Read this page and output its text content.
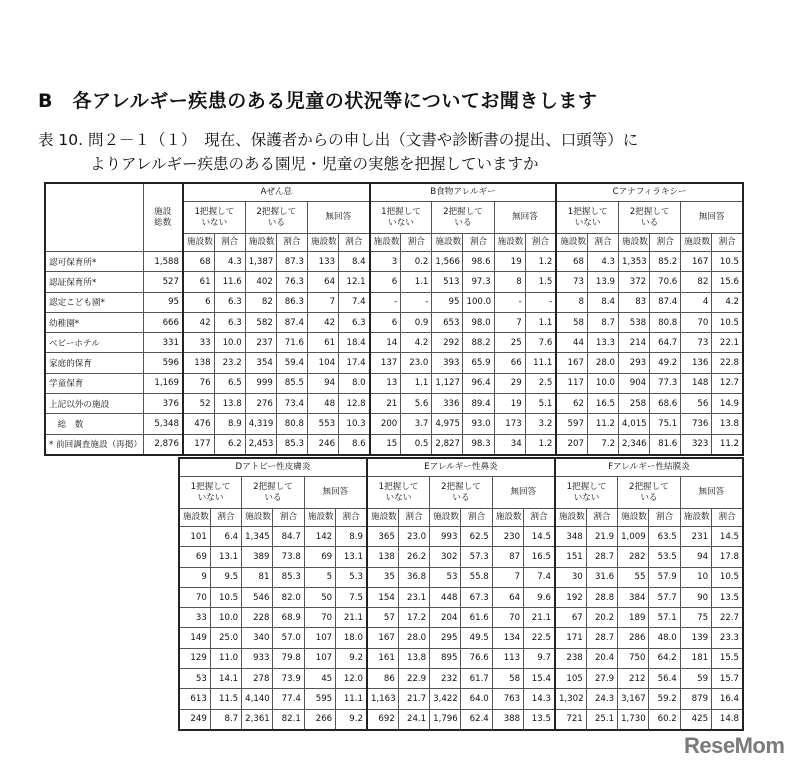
B　各アレルギー疾患のある児童の状況等についてお聞きします
表 10. 問２－１（１）　現在、保護者からの申し出（文書や診断書の提出、口頭等）に
よりアレルギー疾患のある園児・児童の実態を把握していますか
	施設
総数	Aぜん息						B食物アレルギー						Cアナフィラキシー					
		1把握して
いない		2把握して
いる		無回答		1把握して
いない		2把握して
いる		無回答		1把握して
いない		2把握して
いる		無回答	
		施設数	割合	施設数	割合	施設数	割合	施設数	割合	施設数	割合	施設数	割合	施設数	割合	施設数	割合	施設数	割合
認可保育所*	1,588	68	4.3	1,387	87.3	133	8.4	3	0.2	1,566	98.6	19	1.2	68	4.3	1,353	85.2	167	10.5
認証保育所*	527	61	11.6	402	76.3	64	12.1	6	1.1	513	97.3	8	1.5	73	13.9	372	70.6	82	15.6
認定こども園*	95	6	6.3	82	86.3	7	7.4	-	-	95	100.0	-	-	8	8.4	83	87.4	4	4.2
幼稚園*	666	42	6.3	582	87.4	42	6.3	6	0.9	653	98.0	7	1.1	58	8.7	538	80.8	70	10.5
ベビーホテル	331	33	10.0	237	71.6	61	18.4	14	4.2	292	88.2	25	7.6	44	13.3	214	64.7	73	22.1
家庭的保育	596	138	23.2	354	59.4	104	17.4	137	23.0	393	65.9	66	11.1	167	28.0	293	49.2	136	22.8
学童保育	1,169	76	6.5	999	85.5	94	8.0	13	1.1	1,127	96.4	29	2.5	117	10.0	904	77.3	148	12.7
上記以外の施設	376	52	13.8	276	73.4	48	12.8	21	5.6	336	89.4	19	5.1	62	16.5	258	68.6	56	14.9
　総　数	5,348	476	8.9	4,319	80.8	553	10.3	200	3.7	4,975	93.0	173	3.2	597	11.2	4,015	75.1	736	13.8
* 前回調査施設（再掲）	2,876	177	6.2	2,453	85.3	246	8.6	15	0.5	2,827	98.3	34	1.2	207	7.2	2,346	81.6	323	11.2
Dアトピー性皮膚炎						Eアレルギー性鼻炎						Fアレルギー性結膜炎					
1把握して
いない		2把握して
いる		無回答		1把握して
いない		2把握して
いる		無回答		1把握して
いない		2把握して
いる		無回答	
施設数	割合	施設数	割合	施設数	割合	施設数	割合	施設数	割合	施設数	割合	施設数	割合	施設数	割合	施設数	割合
101	6.4	1,345	84.7	142	8.9	365	23.0	993	62.5	230	14.5	348	21.9	1,009	63.5	231	14.5
69	13.1	389	73.8	69	13.1	138	26.2	302	57.3	87	16.5	151	28.7	282	53.5	94	17.8
9	9.5	81	85.3	5	5.3	35	36.8	53	55.8	7	7.4	30	31.6	55	57.9	10	10.5
70	10.5	546	82.0	50	7.5	154	23.1	448	67.3	64	9.6	192	28.8	384	57.7	90	13.5
33	10.0	228	68.9	70	21.1	57	17.2	204	61.6	70	21.1	67	20.2	189	57.1	75	22.7
149	25.0	340	57.0	107	18.0	167	28.0	295	49.5	134	22.5	171	28.7	286	48.0	139	23.3
129	11.0	933	79.8	107	9.2	161	13.8	895	76.6	113	9.7	238	20.4	750	64.2	181	15.5
53	14.1	278	73.9	45	12.0	86	22.9	232	61.7	58	15.4	105	27.9	212	56.4	59	15.7
613	11.5	4,140	77.4	595	11.1	1,163	21.7	3,422	64.0	763	14.3	1,302	24.3	3,167	59.2	879	16.4
249	8.7	2,361	82.1	266	9.2	692	24.1	1,796	62.4	388	13.5	721	25.1	1,730	60.2	425	14.8
ReseMom
